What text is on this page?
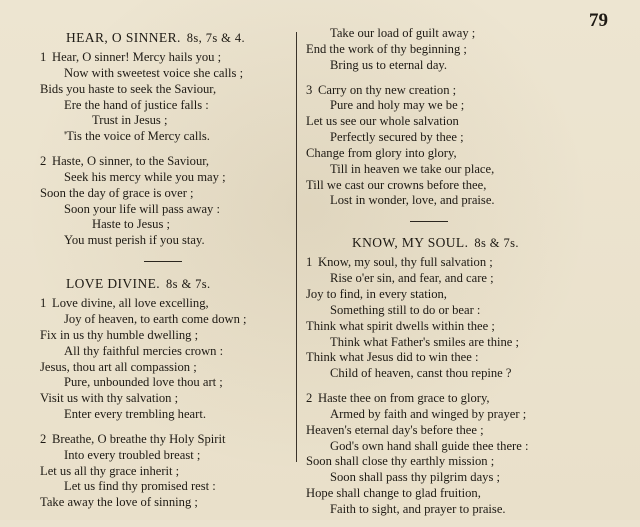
79
HEAR, O SINNER. 8s, 7s & 4.
1 Hear, O sinner! Mercy hails you ;
Now with sweetest voice she calls ;
Bids you haste to seek the Saviour,
Ere the hand of justice falls :
Trust in Jesus ;
'Tis the voice of Mercy calls.
2 Haste, O sinner, to the Saviour,
Seek his mercy while you may ;
Soon the day of grace is over ;
Soon your life will pass away :
Haste to Jesus ;
You must perish if you stay.
LOVE DIVINE. 8s & 7s.
1 Love divine, all love excelling,
Joy of heaven, to earth come down ;
Fix in us thy humble dwelling ;
All thy faithful mercies crown :
Jesus, thou art all compassion ;
Pure, unbounded love thou art ;
Visit us with thy salvation ;
Enter every trembling heart.
2 Breathe, O breathe thy Holy Spirit
Into every troubled breast ;
Let us all thy grace inherit ;
Let us find thy promised rest :
Take away the love of sinning ;
Take our load of guilt away ;
End the work of thy beginning ;
Bring us to eternal day.
3 Carry on thy new creation ;
Pure and holy may we be ;
Let us see our whole salvation
Perfectly secured by thee ;
Change from glory into glory,
Till in heaven we take our place,
Till we cast our crowns before thee,
Lost in wonder, love, and praise.
KNOW, MY SOUL. 8s & 7s.
1 Know, my soul, thy full salvation ;
Rise o'er sin, and fear, and care ;
Joy to find, in every station,
Something still to do or bear :
Think what spirit dwells within thee ;
Think what Father's smiles are thine ;
Think what Jesus did to win thee :
Child of heaven, canst thou repine ?
2 Haste thee on from grace to glory,
Armed by faith and winged by prayer ;
Heaven's eternal day's before thee ;
God's own hand shall guide thee there :
Soon shall close thy earthly mission ;
Soon shall pass thy pilgrim days ;
Hope shall change to glad fruition,
Faith to sight, and prayer to praise.
